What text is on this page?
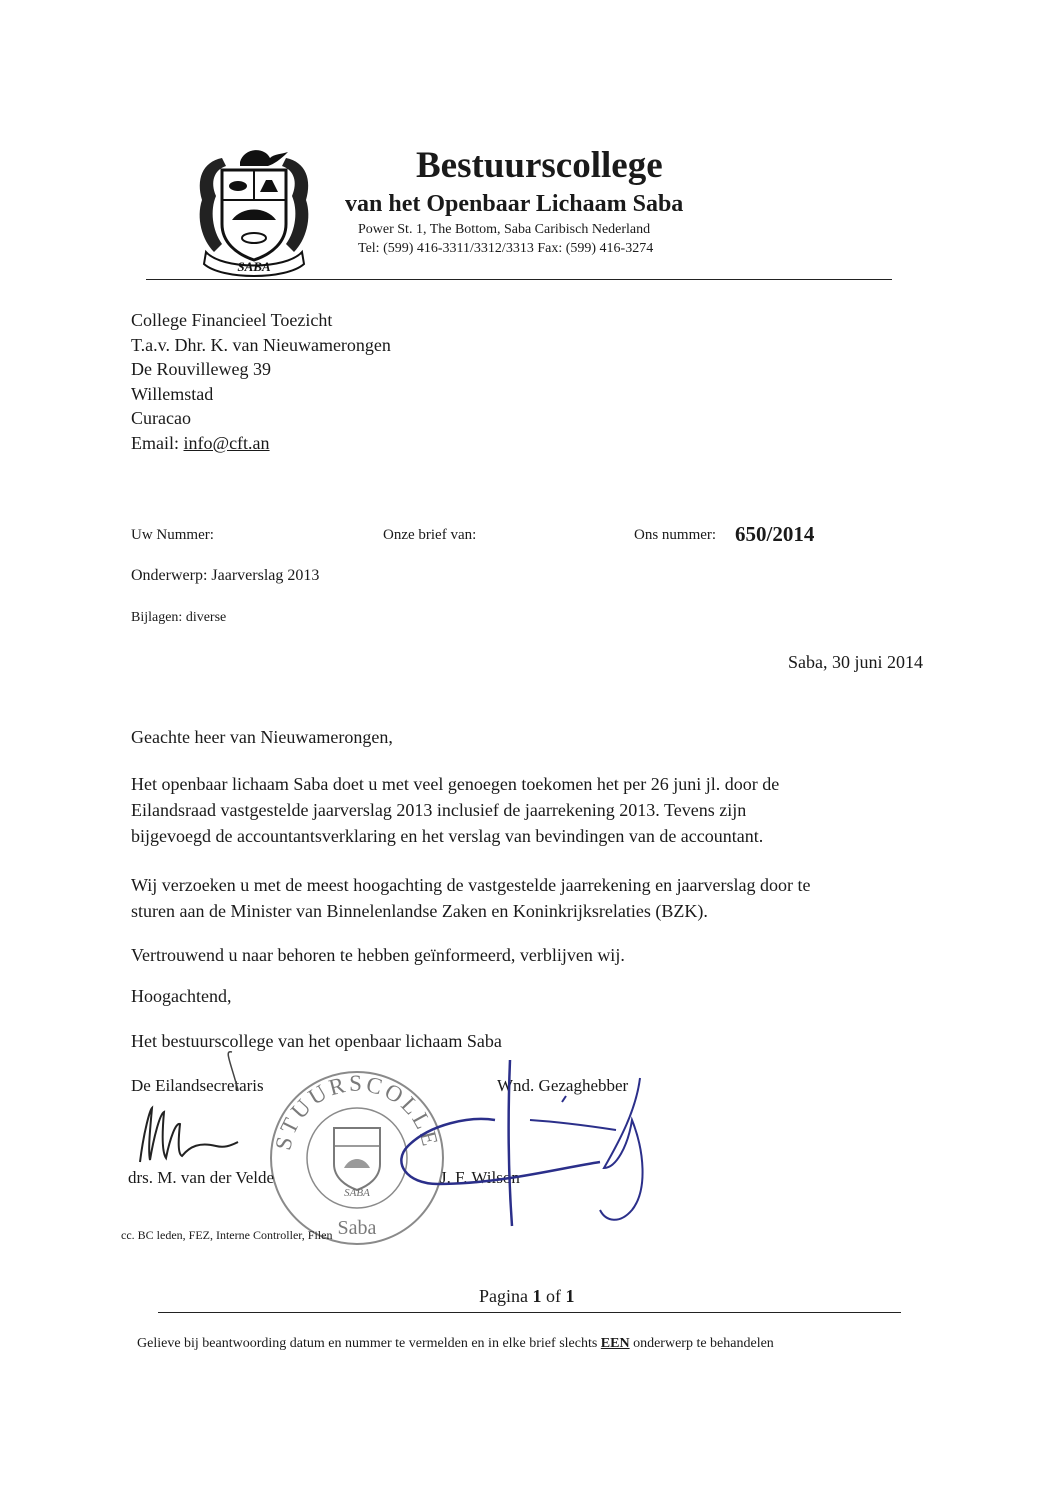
SABA
Bestuurscollege
van het Openbaar Lichaam Saba
Power St. 1, The Bottom, Saba Caribisch Nederland
Tel: (599) 416-3311/3312/3313 Fax: (599) 416-3274
College Financieel Toezicht
T.a.v. Dhr. K. van Nieuwamerongen
De Rouvilleweg 39
Willemstad
Curacao
Email: info@cft.an
Uw Nummer:	Onze brief van:	Ons nummer: 650/2014
Onderwerp: Jaarverslag 2013
Bijlagen: diverse
Saba, 30 juni 2014
Geachte heer van Nieuwamerongen,
Het openbaar lichaam Saba doet u met veel genoegen toekomen het per 26 juni jl. door de
Eilandsraad vastgestelde jaarverslag 2013 inclusief de jaarrekening 2013. Tevens zijn
bijgevoegd de accountantsverklaring en het verslag van bevindingen van de accountant.
Wij verzoeken u met de meest hoogachting de vastgestelde jaarrekening en jaarverslag door te
sturen aan de Minister van Binnelenlandse Zaken en Koninkrijksrelaties (BZK).
Vertrouwend u naar behoren te hebben geïnformeerd, verblijven wij.
Hoogachtend,
Het bestuurscollege van het openbaar lichaam Saba
STUURSCOLLE
SABA
Saba
De Eilandsecretaris	Wnd. Gezaghebber
drs. M. van der Velde	J. F. Wilson
cc. BC leden, FEZ, Interne Controller, Filen
Pagina 1 of 1
Gelieve bij beantwoording datum en nummer te vermelden en in elke brief slechts EEN onderwerp te behandelen
